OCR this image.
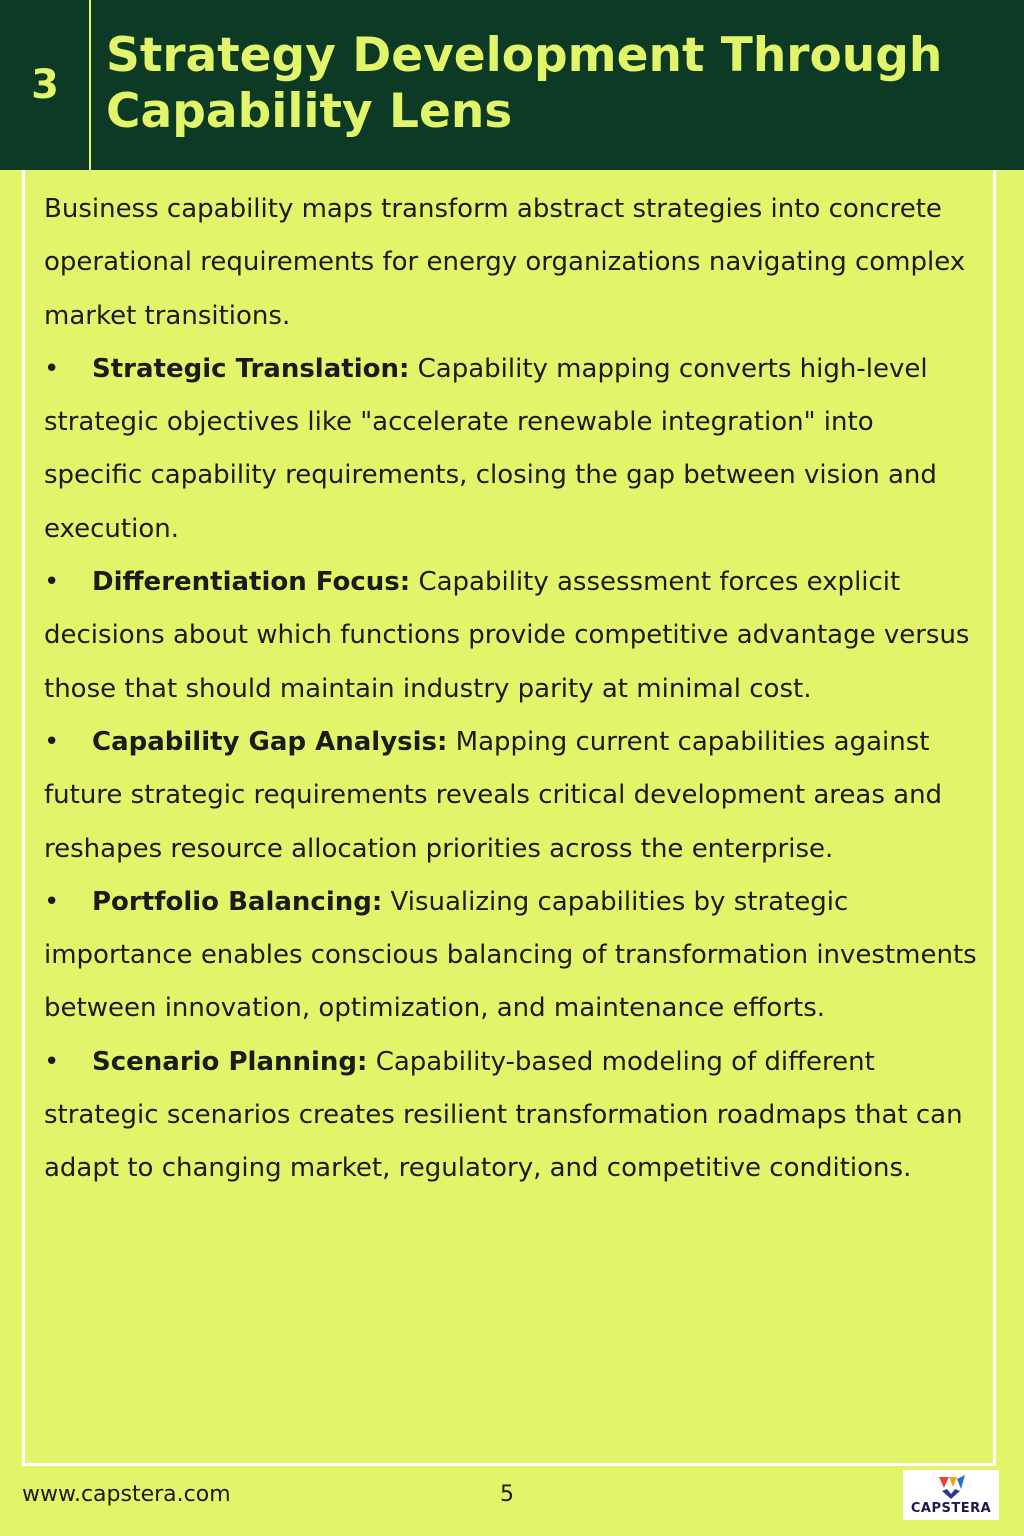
3
Strategy Development Through Capability Lens

Business capability maps transform abstract strategies into concrete operational requirements for energy organizations navigating complex market transitions.

• Strategic Translation: Capability mapping converts high-level strategic objectives like "accelerate renewable integration" into specific capability requirements, closing the gap between vision and execution.
• Differentiation Focus: Capability assessment forces explicit decisions about which functions provide competitive advantage versus those that should maintain industry parity at minimal cost.
• Capability Gap Analysis: Mapping current capabilities against future strategic requirements reveals critical development areas and reshapes resource allocation priorities across the enterprise.
• Portfolio Balancing: Visualizing capabilities by strategic importance enables conscious balancing of transformation investments between innovation, optimization, and maintenance efforts.
• Scenario Planning: Capability-based modeling of different strategic scenarios creates resilient transformation roadmaps that can adapt to changing market, regulatory, and competitive conditions.
www.capstera.com	5
CAPSTERA
